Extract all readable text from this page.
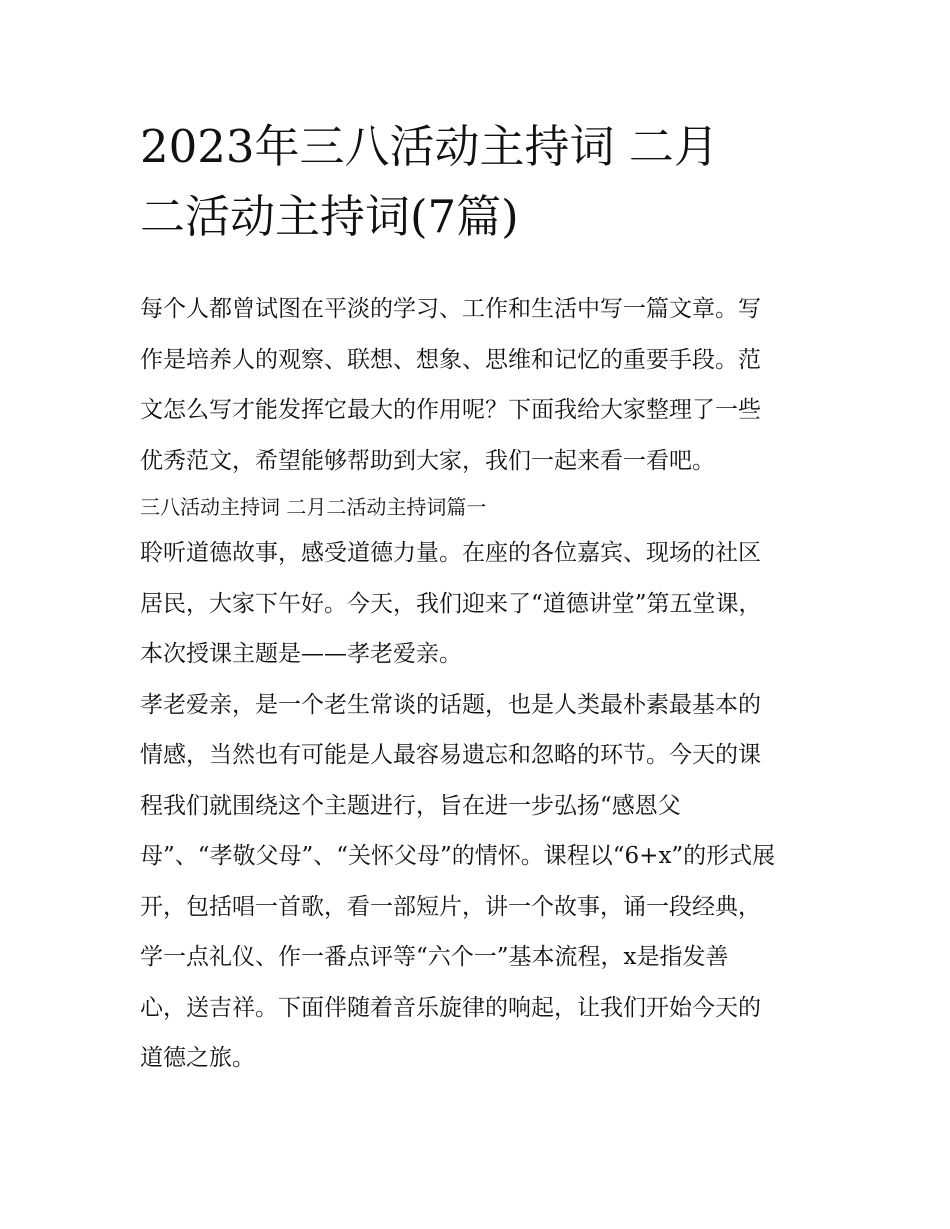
2023年三八活动主持词 二月
二活动主持词(7篇)

每个人都曾试图在平淡的学习、工作和生活中写一篇文章。写
作是培养人的观察、联想、想象、思维和记忆的重要手段。范
文怎么写才能发挥它最大的作用呢？下面我给大家整理了一些
优秀范文，希望能够帮助到大家，我们一起来看一看吧。

三八活动主持词 二月二活动主持词篇一

聆听道德故事，感受道德力量。在座的各位嘉宾、现场的社区
居民，大家下午好。今天，我们迎来了“道德讲堂”第五堂课，
本次授课主题是——孝老爱亲。

孝老爱亲，是一个老生常谈的话题，也是人类最朴素最基本的
情感，当然也有可能是人最容易遗忘和忽略的环节。今天的课
程我们就围绕这个主题进行，旨在进一步弘扬“感恩父
母”、“孝敬父母”、“关怀父母”的情怀。课程以“6+x”的形式展
开，包括唱一首歌，看一部短片，讲一个故事，诵一段经典，
学一点礼仪、作一番点评等“六个一”基本流程，x是指发善
心，送吉祥。下面伴随着音乐旋律的响起，让我们开始今天的
道德之旅。
